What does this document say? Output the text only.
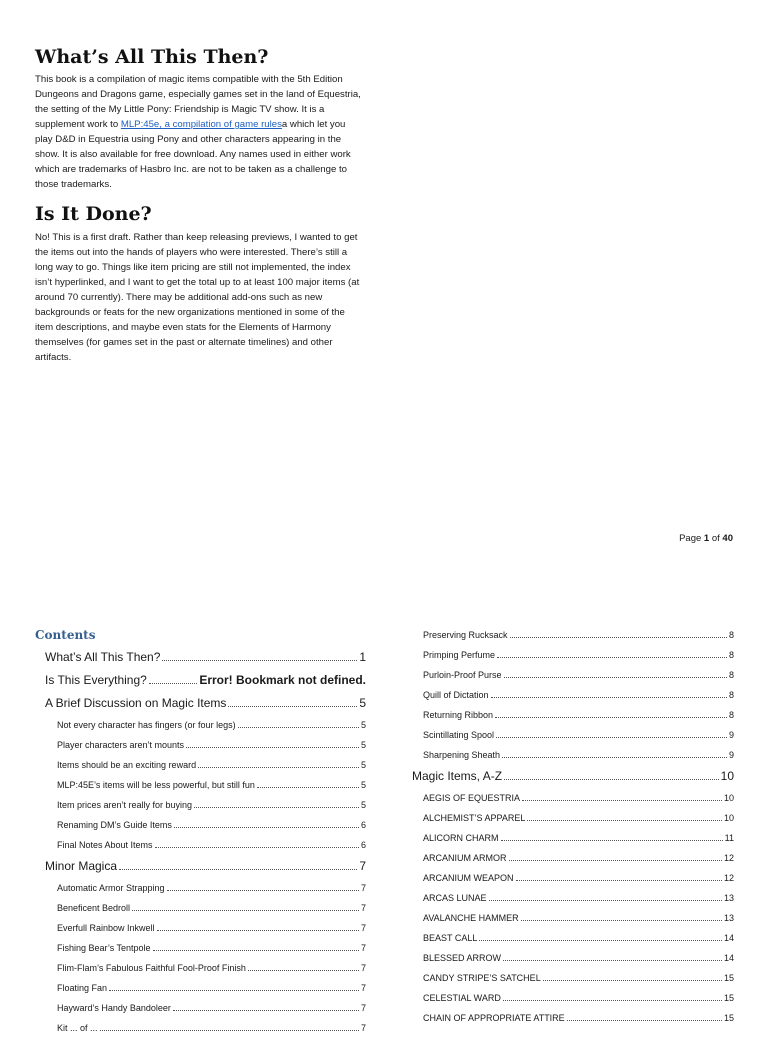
What’s All This Then?

This book is a compilation of magic items compatible with the 5th Edition Dungeons and Dragons game, especially games set in the land of Equestria, the setting of the My Little Pony: Friendship is Magic TV show. It is a supplement work to MLP:45e, a compilation of game rulesa which let you play D&D in Equestria using Pony and other characters appearing in the show. It is also available for free download. Any names used in either work which are trademarks of Hasbro Inc. are not to be taken as a challenge to those trademarks.

Is It Done?

No! This is a first draft. Rather than keep releasing previews, I wanted to get the items out into the hands of players who were interested. There’s still a long way to go. Things like item pricing are still not implemented, the index isn’t hyperlinked, and I want to get the total up to at least 100 major items (at around 70 currently). There may be additional add-ons such as new backgrounds or feats for the new organizations mentioned in some of the item descriptions, and maybe even stats for the Elements of Harmony themselves (for games set in the past or alternate timelines) and other artifacts.

Page 1 of 40
Contents
What’s All This Then?	1
Is This Everything?	Error! Bookmark not defined.
A Brief Discussion on Magic Items	5
Not every character has fingers (or four legs)	5
Player characters aren’t mounts	5
Items should be an exciting reward	5
MLP:45E’s items will be less powerful, but still fun	5
Item prices aren’t really for buying	5
Renaming DM’s Guide Items	6
Final Notes About Items	6
Minor Magica	7
Automatic Armor Strapping	7
Beneficent Bedroll	7
Everfull Rainbow Inkwell	7
Fishing Bear’s Tentpole	7
Flim-Flam’s Fabulous Faithful Fool-Proof Finish	7
Floating Fan	7
Hayward’s Handy Bandoleer	7
Kit ... of ...	7
Preserving Rucksack	8
Primping Perfume	8
Purloin-Proof Purse	8
Quill of Dictation	8
Returning Ribbon	8
Scintillating Spool	9
Sharpening Sheath	9
Magic Items, A-Z	10
AEGIS OF EQUESTRIA	10
ALCHEMIST’S APPAREL	10
ALICORN CHARM	11
ARCANIUM ARMOR	12
ARCANIUM WEAPON	12
ARCAS LUNAE	13
AVALANCHE HAMMER	13
BEAST CALL	14
BLESSED ARROW	14
CANDY STRIPE’S SATCHEL	15
CELESTIAL WARD	15
CHAIN OF APPROPRIATE ATTIRE	15
